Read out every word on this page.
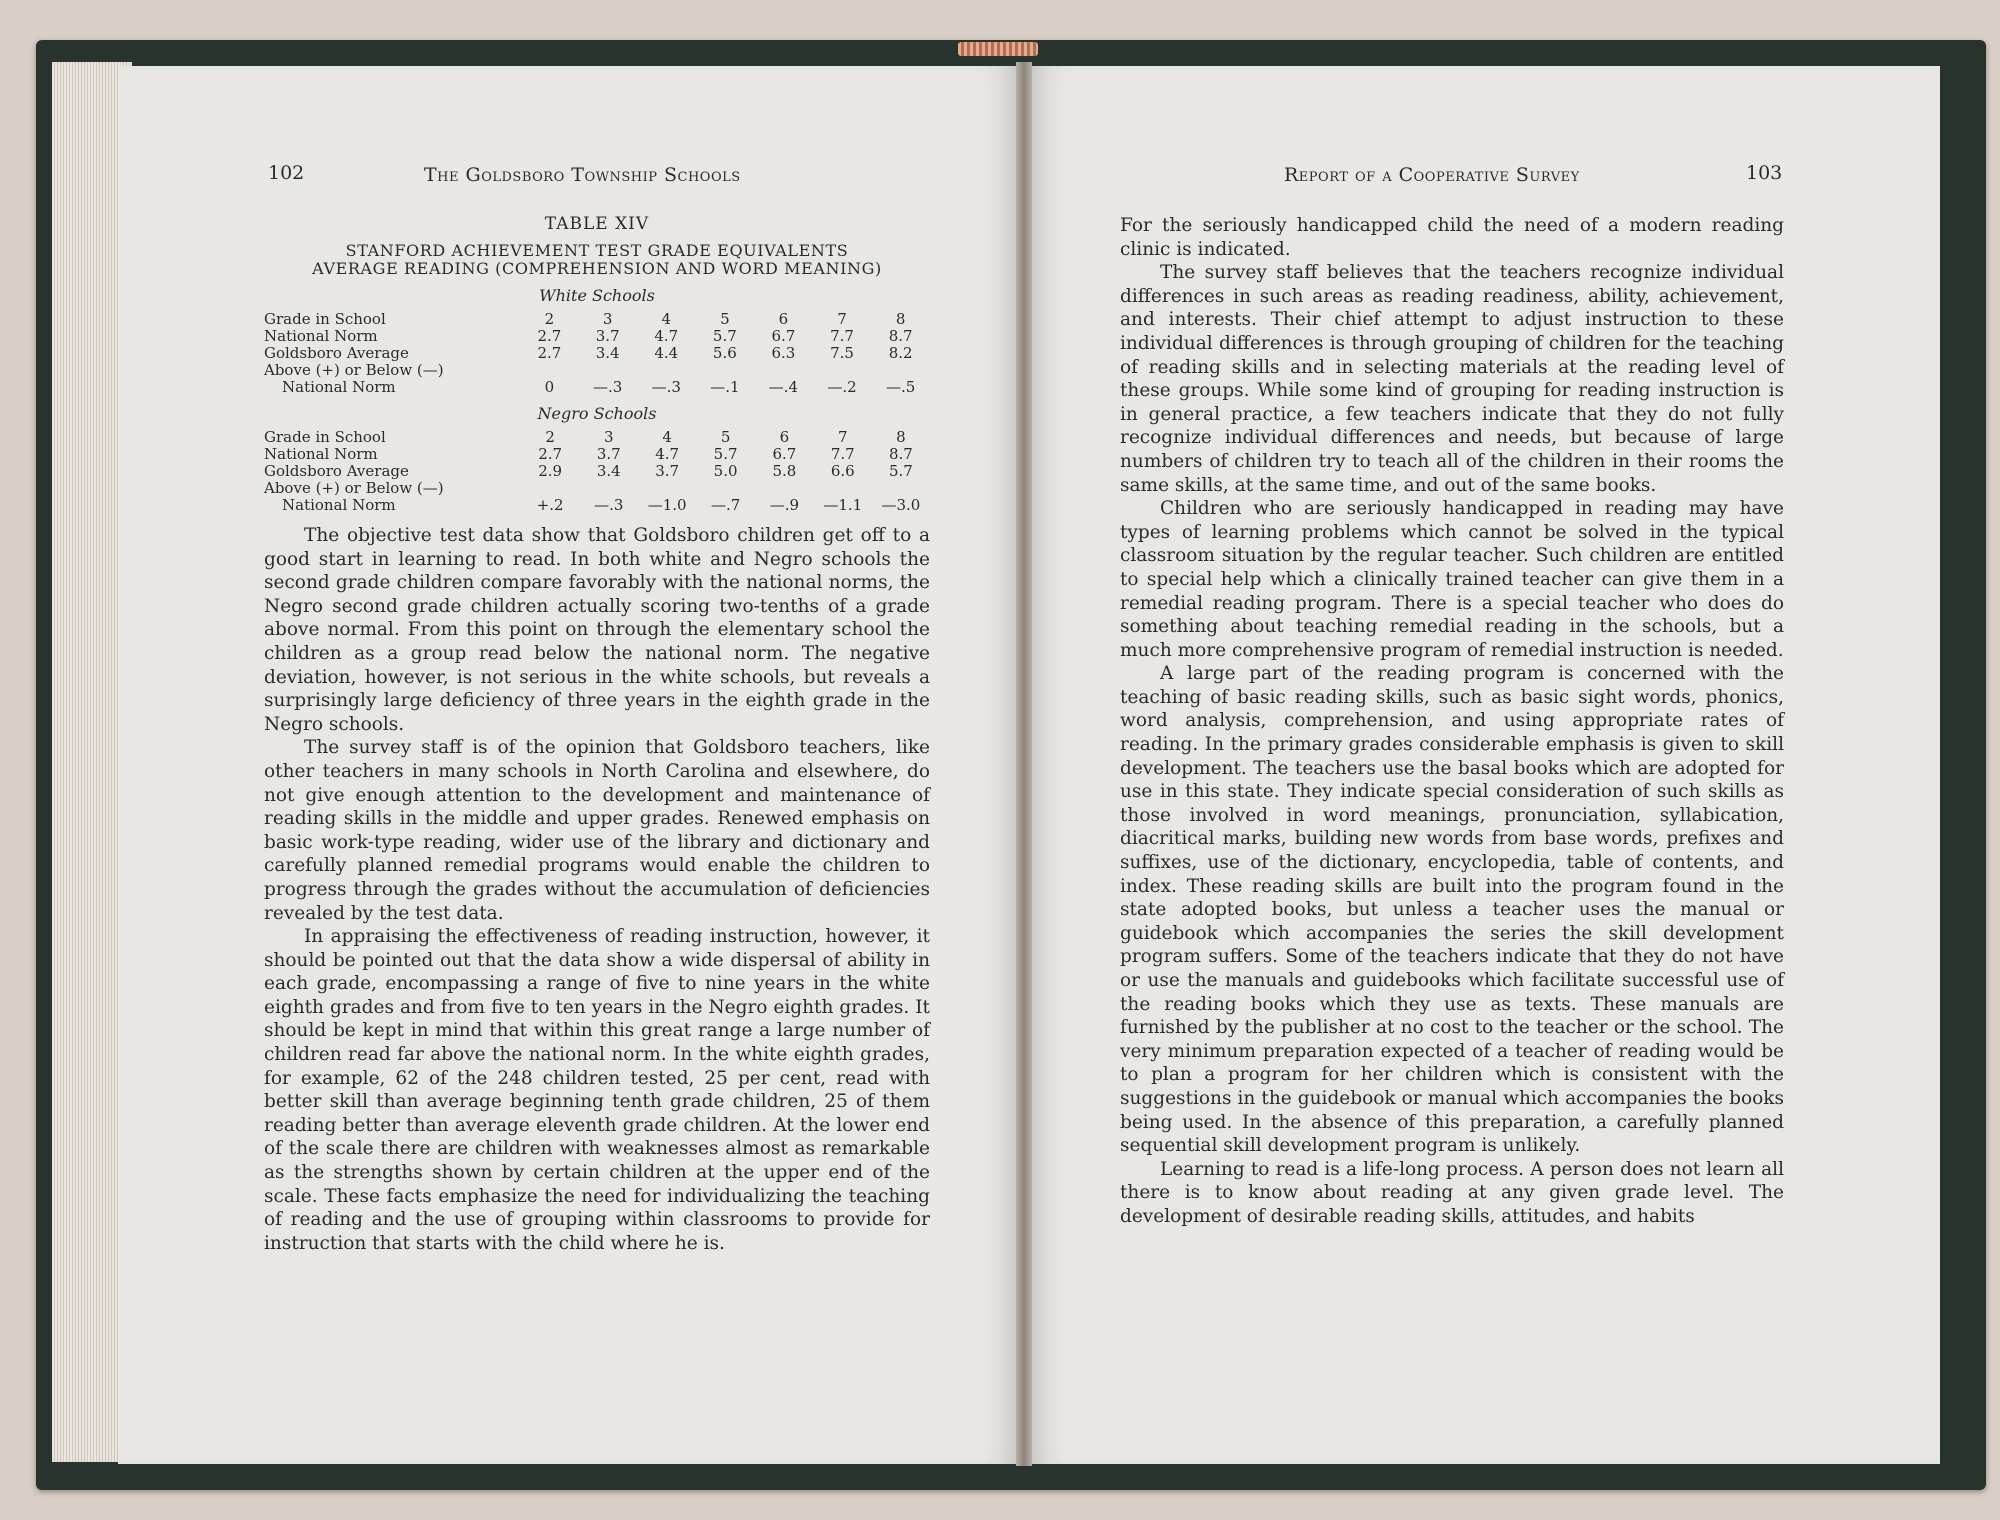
102	The Goldsboro Township Schools
TABLE XIV
STANFORD ACHIEVEMENT TEST GRADE EQUIVALENTS
AVERAGE READING (COMPREHENSION AND WORD MEANING)
White Schools
Grade in School	2	3	4	5	6	7	8
National Norm	2.7	3.7	4.7	5.7	6.7	7.7	8.7
Goldsboro Average	2.7	3.4	4.4	5.6	6.3	7.5	8.2
Above (+) or Below (—)							
National Norm	0	—.3	—.3	—.1	—.4	—.2	—.5
Negro Schools
Grade in School	2	3	4	5	6	7	8
National Norm	2.7	3.7	4.7	5.7	6.7	7.7	8.7
Goldsboro Average	2.9	3.4	3.7	5.0	5.8	6.6	5.7
Above (+) or Below (—)							
National Norm	+.2	—.3	—1.0	—.7	—.9	—1.1	—3.0

The objective test data show that Goldsboro children get off to a good start in learning to read. In both white and Negro schools the second grade children compare favorably with the national norms, the Negro second grade children actually scoring two-tenths of a grade above normal. From this point on through the elementary school the children as a group read below the national norm. The negative deviation, however, is not serious in the white schools, but reveals a surprisingly large deficiency of three years in the eighth grade in the Negro schools.

The survey staff is of the opinion that Goldsboro teachers, like other teachers in many schools in North Carolina and elsewhere, do not give enough attention to the development and maintenance of reading skills in the middle and upper grades. Renewed emphasis on basic work-type reading, wider use of the library and dictionary and carefully planned remedial programs would enable the children to progress through the grades without the accumulation of deficiencies revealed by the test data.

In appraising the effectiveness of reading instruction, however, it should be pointed out that the data show a wide dispersal of ability in each grade, encompassing a range of five to nine years in the white eighth grades and from five to ten years in the Negro eighth grades. It should be kept in mind that within this great range a large number of children read far above the national norm. In the white eighth grades, for example, 62 of the 248 children tested, 25 per cent, read with better skill than average beginning tenth grade children, 25 of them reading better than average eleventh grade children. At the lower end of the scale there are children with weaknesses almost as remarkable as the strengths shown by certain children at the upper end of the scale. These facts emphasize the need for individualizing the teaching of reading and the use of grouping within classrooms to provide for instruction that starts with the child where he is.

Report of a Cooperative Survey	103

For the seriously handicapped child the need of a modern reading clinic is indicated.

The survey staff believes that the teachers recognize individual differences in such areas as reading readiness, ability, achievement, and interests. Their chief attempt to adjust instruction to these individual differences is through grouping of children for the teaching of reading skills and in selecting materials at the reading level of these groups. While some kind of grouping for reading instruction is in general practice, a few teachers indicate that they do not fully recognize individual differences and needs, but because of large numbers of children try to teach all of the children in their rooms the same skills, at the same time, and out of the same books.

Children who are seriously handicapped in reading may have types of learning problems which cannot be solved in the typical classroom situation by the regular teacher. Such children are entitled to special help which a clinically trained teacher can give them in a remedial reading program. There is a special teacher who does do something about teaching remedial reading in the schools, but a much more comprehensive program of remedial instruction is needed.

A large part of the reading program is concerned with the teaching of basic reading skills, such as basic sight words, phonics, word analysis, comprehension, and using appropriate rates of reading. In the primary grades considerable emphasis is given to skill development. The teachers use the basal books which are adopted for use in this state. They indicate special consideration of such skills as those involved in word meanings, pronunciation, syllabication, diacritical marks, building new words from base words, prefixes and suffixes, use of the dictionary, encyclopedia, table of contents, and index. These reading skills are built into the program found in the state adopted books, but unless a teacher uses the manual or guidebook which accompanies the series the skill development program suffers. Some of the teachers indicate that they do not have or use the manuals and guidebooks which facilitate successful use of the reading books which they use as texts. These manuals are furnished by the publisher at no cost to the teacher or the school. The very minimum preparation expected of a teacher of reading would be to plan a program for her children which is consistent with the suggestions in the guidebook or manual which accompanies the books being used. In the absence of this preparation, a carefully planned sequential skill development program is unlikely.

Learning to read is a life-long process. A person does not learn all there is to know about reading at any given grade level. The development of desirable reading skills, attitudes, and habits
